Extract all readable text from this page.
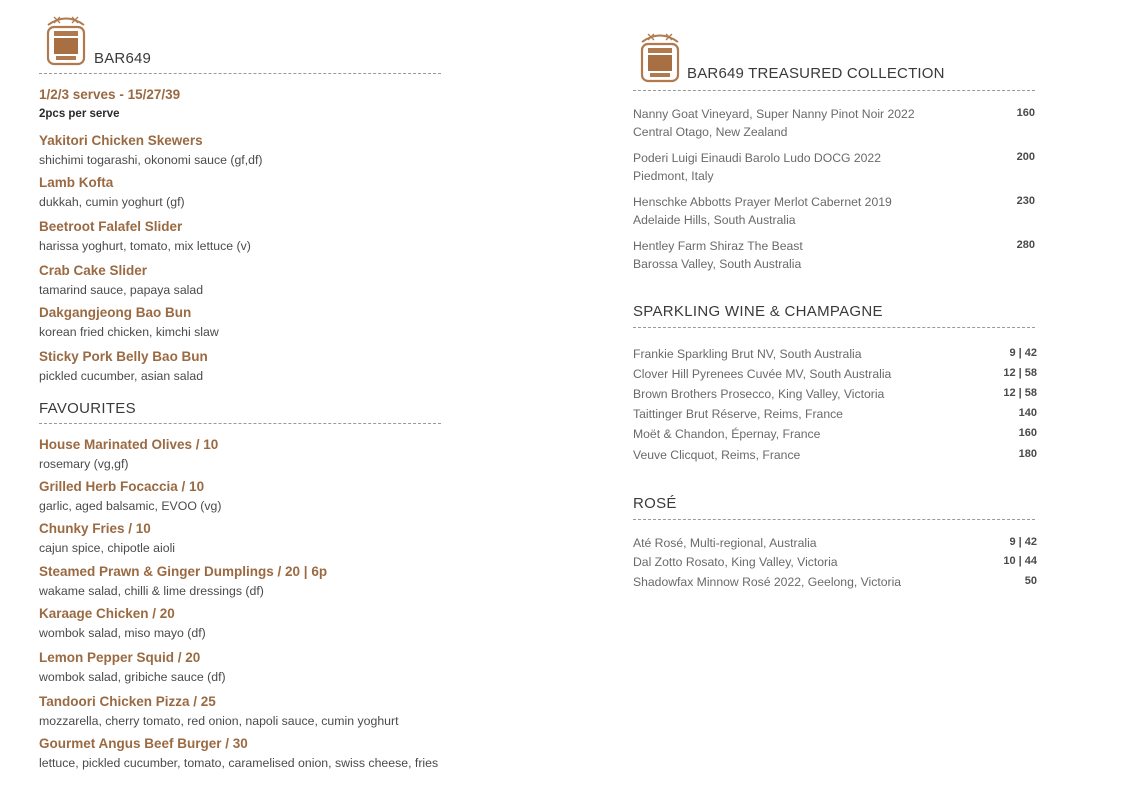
BAR649
1/2/3 serves - 15/27/39
2pcs per serve
Yakitori Chicken Skewers
shichimi togarashi, okonomi sauce (gf,df)
Lamb Kofta
dukkah, cumin yoghurt (gf)
Beetroot Falafel Slider
harissa yoghurt, tomato, mix lettuce (v)
Crab Cake Slider
tamarind sauce, papaya salad
Dakgangjeong Bao Bun
korean fried chicken, kimchi slaw
Sticky Pork Belly Bao Bun
pickled cucumber, asian salad
FAVOURITES
House Marinated Olives / 10
rosemary (vg,gf)
Grilled Herb Focaccia / 10
garlic, aged balsamic, EVOO (vg)
Chunky Fries / 10
cajun spice, chipotle aioli
Steamed Prawn & Ginger Dumplings / 20 | 6p
wakame salad, chilli & lime dressings (df)
Karaage Chicken / 20
wombok salad, miso mayo (df)
Lemon Pepper Squid / 20
wombok salad, gribiche sauce (df)
Tandoori Chicken Pizza / 25
mozzarella, cherry tomato, red onion, napoli sauce, cumin yoghurt
Gourmet Angus Beef Burger / 30
lettuce, pickled cucumber, tomato, caramelised onion, swiss cheese, fries
BAR649 TREASURED COLLECTION
Nanny Goat Vineyard, Super Nanny Pinot Noir 2022
Central Otago, New Zealand
160
Poderi Luigi Einaudi Barolo Ludo DOCG 2022
Piedmont, Italy
200
Henschke Abbotts Prayer Merlot Cabernet 2019
Adelaide Hills, South Australia
230
Hentley Farm Shiraz The Beast
Barossa Valley, South Australia
280
SPARKLING WINE & CHAMPAGNE
Frankie Sparkling Brut NV, South Australia	9 | 42
Clover Hill Pyrenees Cuvée MV, South Australia	12 | 58
Brown Brothers Prosecco, King Valley, Victoria	12 | 58
Taittinger Brut Réserve, Reims, France	140
Moët & Chandon, Épernay, France	160
Veuve Clicquot, Reims, France	180
ROSÉ
Até Rosé, Multi-regional, Australia	9 | 42
Dal Zotto Rosato, King Valley, Victoria	10 | 44
Shadowfax Minnow Rosé 2022, Geelong, Victoria	50
